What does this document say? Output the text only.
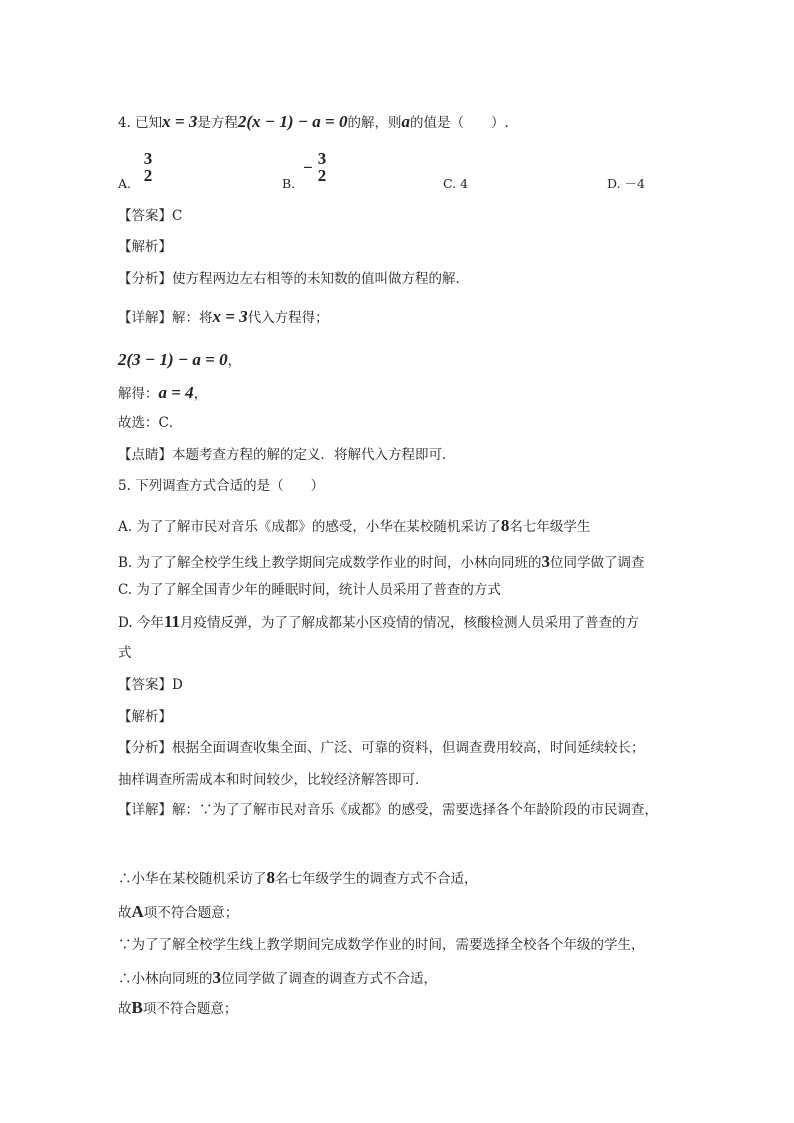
4. 已知x = 3是方程2(x − 1) − a = 0的解，则a的值是（　　）.
A.
3
2	B.
− 3
2	C. 4	D. －4
【答案】C
【解析】
【分析】使方程两边左右相等的未知数的值叫做方程的解．
【详解】解：将x = 3代入方程得；
2(3 − 1) − a = 0，
解得：a = 4，
故选：C．
【点睛】本题考查方程的解的定义．将解代入方程即可．
5. 下列调查方式合适的是（　　）
A. 为了了解市民对音乐《成都》的感受，小华在某校随机采访了8名七年级学生
B. 为了了解全校学生线上教学期间完成数学作业的时间，小林向同班的3位同学做了调查
C. 为了了解全国青少年的睡眠时间，统计人员采用了普查的方式
D. 今年11月疫情反弹，为了了解成都某小区疫情的情况，核酸检测人员采用了普查的方
式
【答案】D
【解析】
【分析】根据全面调查收集全面、广泛、可靠的资料，但调查费用较高，时间延续较长；
抽样调查所需成本和时间较少，比较经济解答即可．
【详解】解：∵为了了解市民对音乐《成都》的感受，需要选择各个年龄阶段的市民调查，
∴小华在某校随机采访了8名七年级学生的调查方式不合适，
故A项不符合题意；
∵为了了解全校学生线上教学期间完成数学作业的时间，需要选择全校各个年级的学生，
∴小林向同班的3位同学做了调查的调查方式不合适，
故B项不符合题意；
